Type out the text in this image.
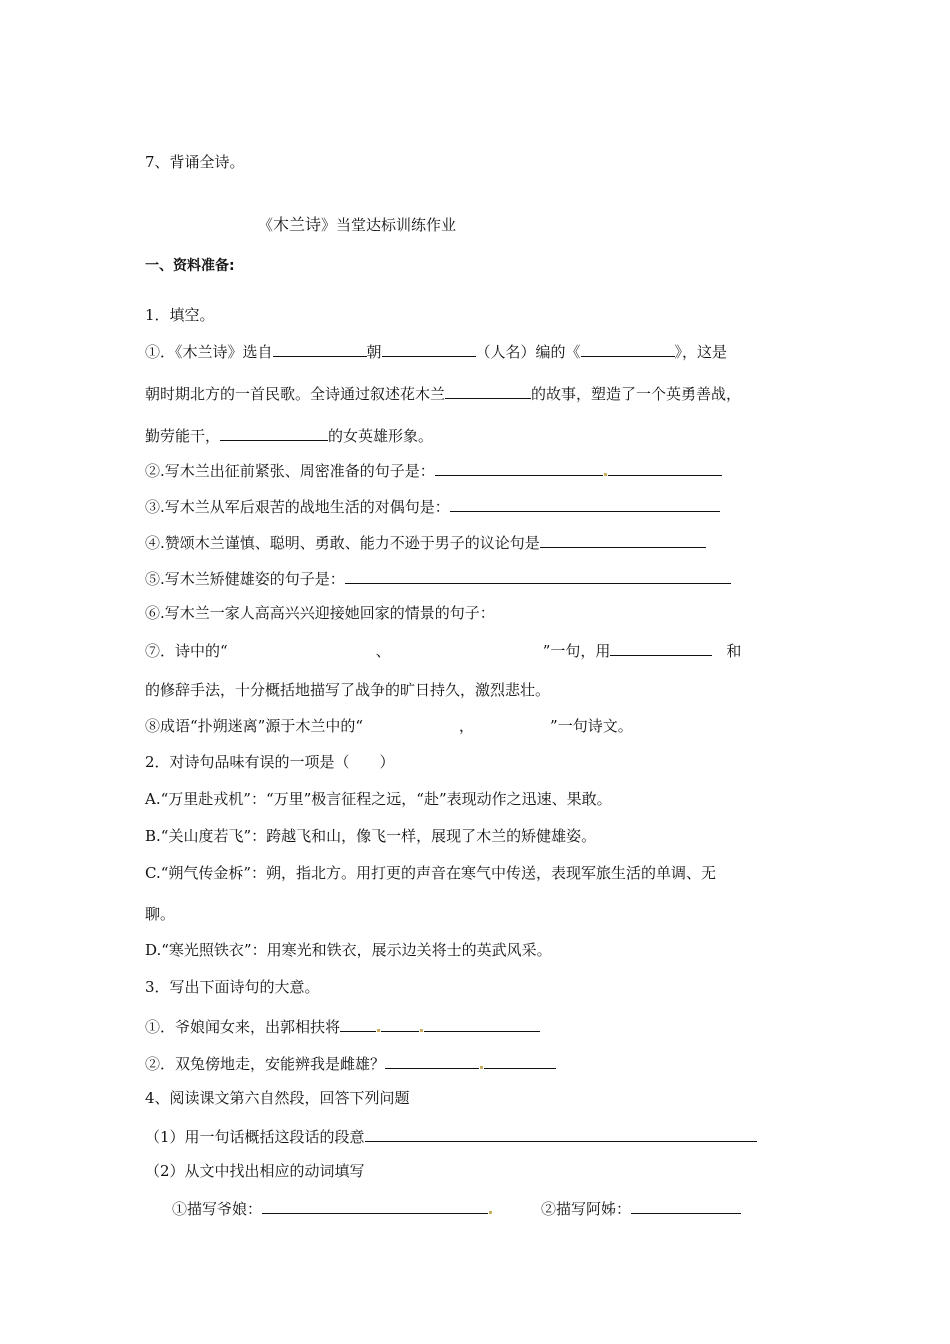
7、背诵全诗。
《木兰诗》当堂达标训练作业
一、资料准备:
1．填空。
①．《木兰诗》选自	朝	（人名）编的《	》，这是
朝时期北方的一首民歌。全诗通过叙述花木兰	的故事，塑造了一个英勇善战，
勤劳能干，	的女英雄形象。
②.写木兰出征前紧张、周密准备的句子是：
③.写木兰从军后艰苦的战地生活的对偶句是：
④.赞颂木兰谨慎、聪明、勇敢、能力不逊于男子的议论句是
⑤.写木兰矫健雄姿的句子是：
⑥.写木兰一家人高高兴兴迎接她回家的情景的句子：
⑦．诗中的“	、	”一句，用	和
的修辞手法，十分概括地描写了战争的旷日持久，激烈悲壮。
⑧成语“扑朔迷离”源于木兰中的“	，	”一句诗文。
2．对诗句品味有误的一项是（　　）
A.“万里赴戎机”：“万里”极言征程之远，“赴”表现动作之迅速、果敢。
B.“关山度若飞”：跨越飞和山，像飞一样，展现了木兰的矫健雄姿。
C.“朔气传金柝”：朔，指北方。用打更的声音在寒气中传送，表现军旅生活的单调、无
聊。
D.“寒光照铁衣”：用寒光和铁衣，展示边关将士的英武风采。
3．写出下面诗句的大意。
①．爷娘闻女来，出郭相扶将
②．双兔傍地走，安能辨我是雌雄？
4、阅读课文第六自然段，回答下列问题
（1）用一句话概括这段话的段意
（2）从文中找出相应的动词填写
①描写爷娘：	②描写阿姊：
